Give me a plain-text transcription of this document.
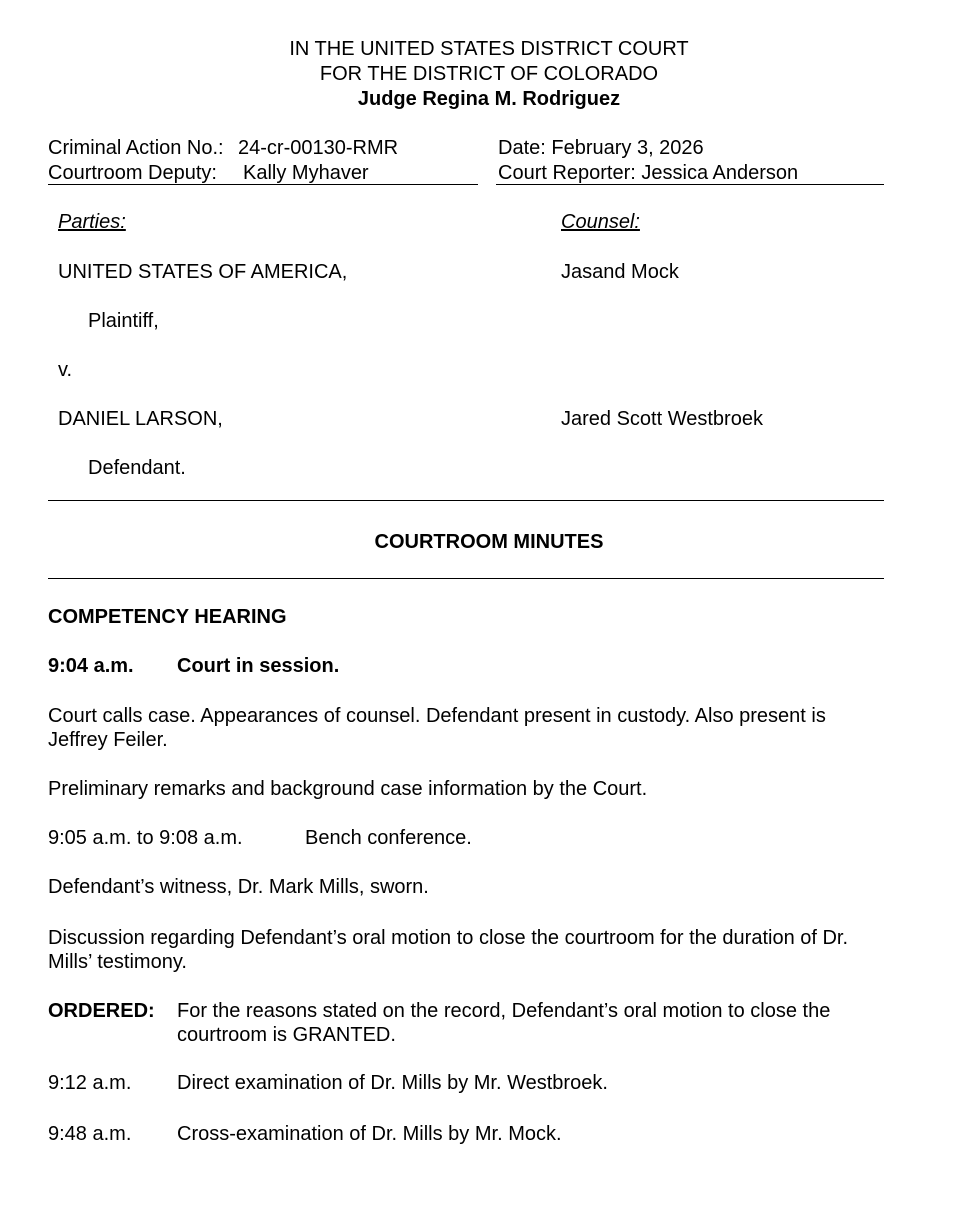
IN THE UNITED STATES DISTRICT COURT
FOR THE DISTRICT OF COLORADO
Judge Regina M. Rodriguez
Criminal Action No.: 24-cr-00130-RMR
Courtroom Deputy: Kally Myhaver
Date: February 3, 2026
Court Reporter: Jessica Anderson
Parties:	Counsel:
UNITED STATES OF AMERICA,	Jasand Mock
Plaintiff,
v.
DANIEL LARSON,	Jared Scott Westbroek
Defendant.
COURTROOM MINUTES
COMPETENCY HEARING
9:04 a.m. Court in session.
Court calls case. Appearances of counsel. Defendant present in custody. Also present is Jeffrey Feiler.
Preliminary remarks and background case information by the Court.
9:05 a.m. to 9:08 a.m.	Bench conference.
Defendant’s witness, Dr. Mark Mills, sworn.
Discussion regarding Defendant’s oral motion to close the courtroom for the duration of Dr. Mills’ testimony.
ORDERED: For the reasons stated on the record, Defendant’s oral motion to close the courtroom is GRANTED.
9:12 a.m. Direct examination of Dr. Mills by Mr. Westbroek.
9:48 a.m. Cross-examination of Dr. Mills by Mr. Mock.
